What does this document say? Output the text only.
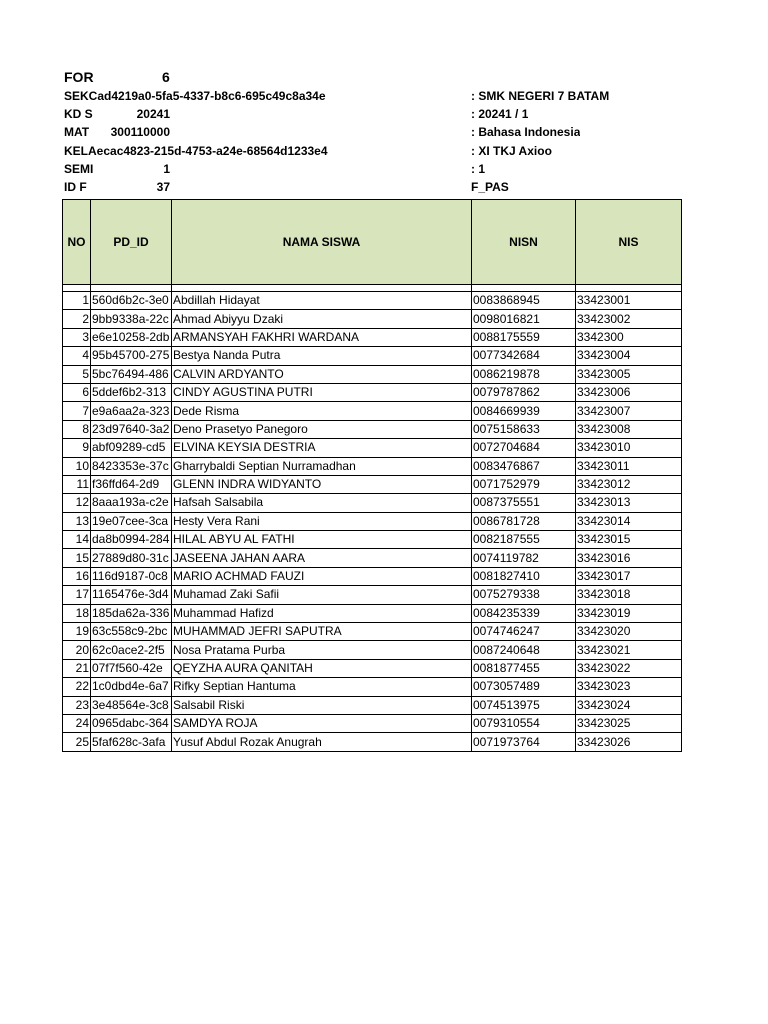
FOR	6
SEKCad4219a0-5fa5-4337-b8c6-695c49c8a34e	: SMK NEGERI 7 BATAM
KD S	20241	: 20241 / 1
MAT 300110000	: Bahasa Indonesia
KELAecac4823-215d-4753-a24e-68564d1233e4	: XI TKJ Axioo
SEMI	1	: 1
ID F	37	F_PAS
NO	PD_ID	NAMA SISWA	NISN	NIS

1	560d6b2c-3e0	Abdillah Hidayat	0083868945	33423001
2	9bb9338a-22c	Ahmad Abiyyu Dzaki	0098016821	33423002
3	e6e10258-2db	ARMANSYAH FAKHRI WARDANA	0088175559	3342300
4	95b45700-275	Bestya Nanda Putra	0077342684	33423004
5	5bc76494-486	CALVIN ARDYANTO	0086219878	33423005
6	5ddef6b2-313	CINDY AGUSTINA PUTRI	0079787862	33423006
7	e9a6aa2a-323	Dede Risma	0084669939	33423007
8	23d97640-3a2	Deno Prasetyo Panegoro	0075158633	33423008
9	abf09289-cd5	ELVINA KEYSIA DESTRIA	0072704684	33423010
10	8423353e-37c	Gharrybaldi Septian Nurramadhan	0083476867	33423011
11	f36ffd64-2d9	GLENN INDRA WIDYANTO	0071752979	33423012
12	8aaa193a-c2e	Hafsah Salsabila	0087375551	33423013
13	19e07cee-3ca	Hesty Vera Rani	0086781728	33423014
14	da8b0994-284	HILAL ABYU AL FATHI	0082187555	33423015
15	27889d80-31c	JASEENA JAHAN AARA	0074119782	33423016
16	116d9187-0c8	MARIO ACHMAD FAUZI	0081827410	33423017
17	1165476e-3d4	Muhamad Zaki Safii	0075279338	33423018
18	185da62a-336	Muhammad Hafizd	0084235339	33423019
19	63c558c9-2bc	MUHAMMAD JEFRI SAPUTRA	0074746247	33423020
20	62c0ace2-2f5	Nosa Pratama Purba	0087240648	33423021
21	07f7f560-42e	QEYZHA AURA QANITAH	0081877455	33423022
22	1c0dbd4e-6a7	Rifky Septian Hantuma	0073057489	33423023
23	3e48564e-3c8	Salsabil Riski	0074513975	33423024
24	0965dabc-364	SAMDYA ROJA	0079310554	33423025
25	5faf628c-3afa	Yusuf Abdul Rozak Anugrah	0071973764	33423026
